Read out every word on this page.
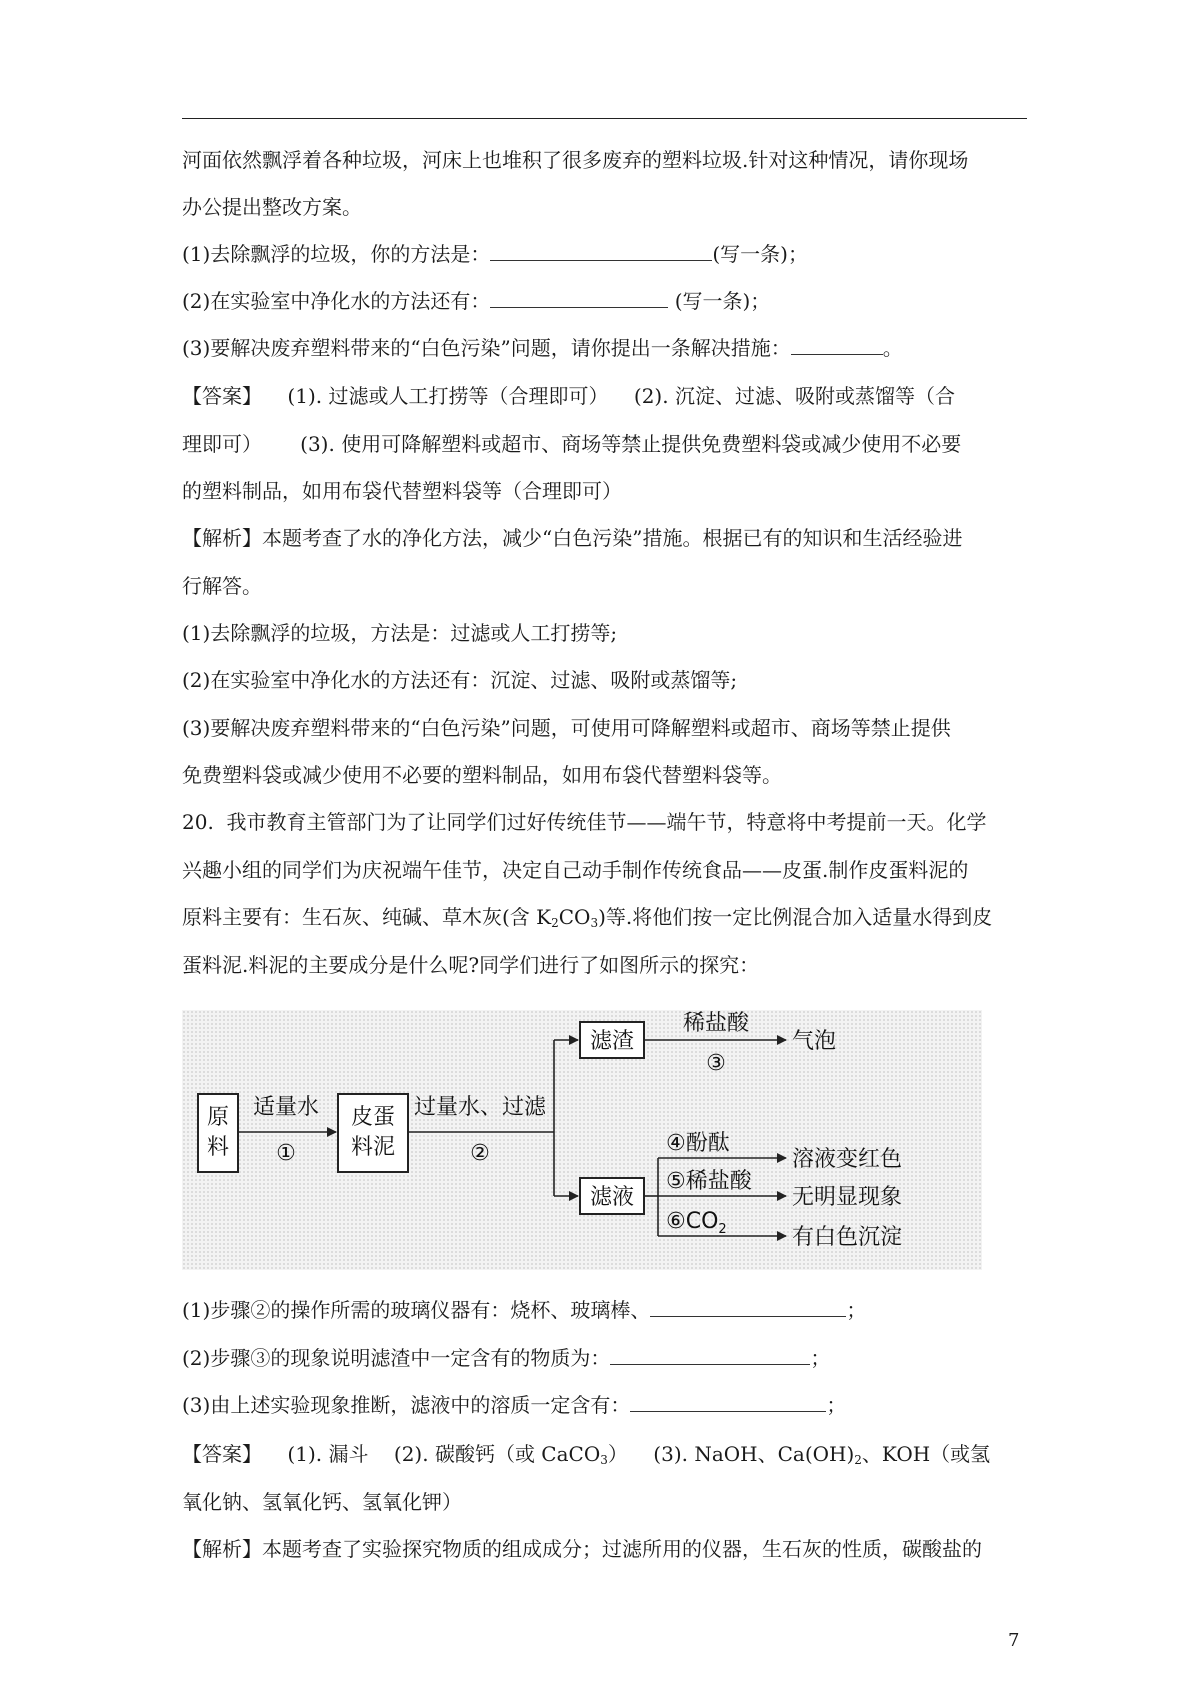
河面依然飘浮着各种垃圾，河床上也堆积了很多废弃的塑料垃圾.针对这种情况，请你现场
办公提出整改方案。
(1)去除飘浮的垃圾，你的方法是：	(写一条)；
(2)在实验室中净化水的方法还有：	(写一条)；
(3)要解决废弃塑料带来的“白色污染”问题，请你提出一条解决措施：	。
【答案】    (1). 过滤或人工打捞等（合理即可）    (2). 沉淀、过滤、吸附或蒸馏等（合
理即可）      (3). 使用可降解塑料或超市、商场等禁止提供免费塑料袋或减少使用不必要
的塑料制品，如用布袋代替塑料袋等（合理即可）
【解析】本题考查了水的净化方法，减少“白色污染”措施。根据已有的知识和生活经验进
行解答。
(1)去除飘浮的垃圾，方法是：过滤或人工打捞等;
(2)在实验室中净化水的方法还有：沉淀、过滤、吸附或蒸馏等;
(3)要解决废弃塑料带来的“白色污染”问题，可使用可降解塑料或超市、商场等禁止提供
免费塑料袋或减少使用不必要的塑料制品，如用布袋代替塑料袋等。
20.  我市教育主管部门为了让同学们过好传统佳节——端午节，特意将中考提前一天。化学
兴趣小组的同学们为庆祝端午佳节，决定自己动手制作传统食品——皮蛋.制作皮蛋料泥的
原料主要有：生石灰、纯碱、草木灰(含 $K_2CO_3$)等.将他们按一定比例混合加入适量水得到皮
蛋料泥.料泥的主要成分是什么呢?同学们进行了如图所示的探究：
原
料
适量水
①
皮蛋
料泥
过量水、过滤
②
滤渣
稀盐酸
③
气泡
滤液
④酚酞
⑤稀盐酸
$⑥CO_2$
溶液变红色
无明显现象
有白色沉淀
(1)步骤②的操作所需的玻璃仪器有：烧杯、玻璃棒、	；
(2)步骤③的现象说明滤渣中一定含有的物质为：	；
(3)由上述实验现象推断，滤液中的溶质一定含有：	；
【答案】    (1). 漏斗    (2). 碳酸钙（或 CaCO$_3$）    (3). NaOH、$Ca(OH)_2$、KOH（或氢
氧化钠、氢氧化钙、氢氧化钾）
【解析】本题考查了实验探究物质的组成成分；过滤所用的仪器，生石灰的性质，碳酸盐的
7
